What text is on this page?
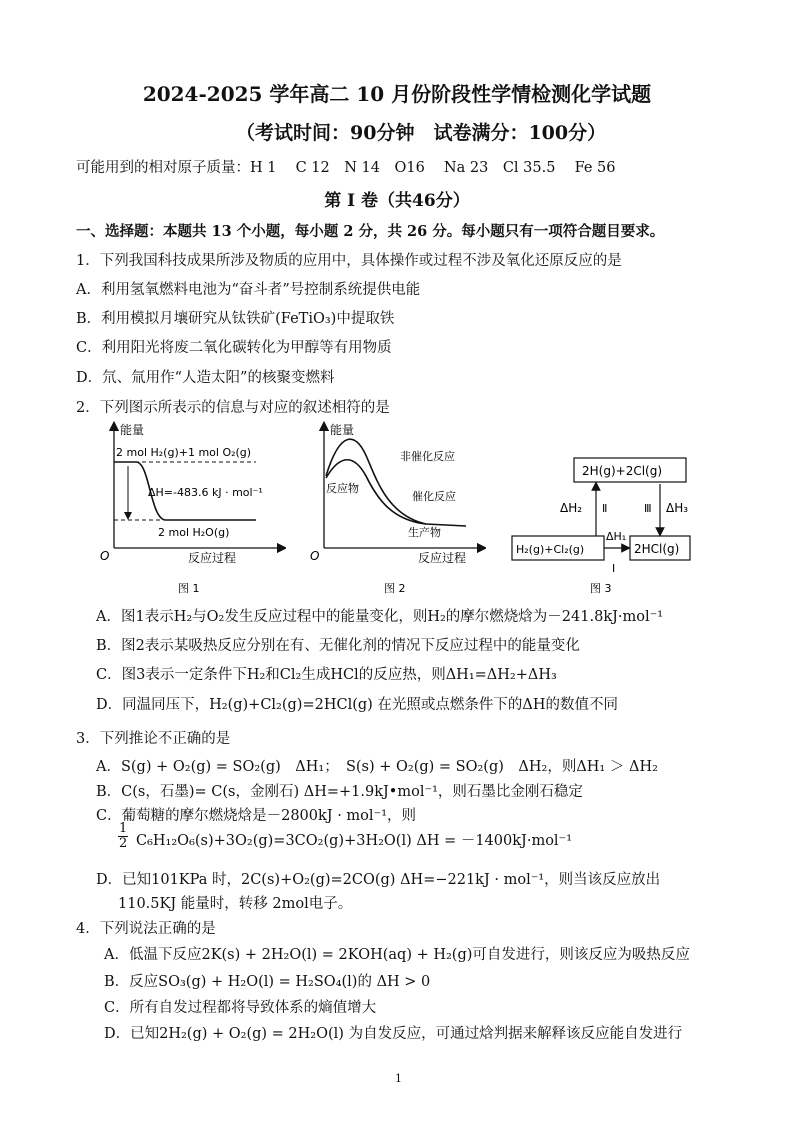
2024-2025 学年高二 10 月份阶段性学情检测化学试题
（考试时间：90分钟　试卷满分：100分）
可能用到的相对原子质量：H 1　 C 12　N 14　O16　 Na 23　Cl 35.5　 Fe 56
第 Ⅰ 卷（共46分）
一、选择题：本题共 13 个小题，每小题 2 分，共 26 分。每小题只有一项符合题目要求。
1．下列我国科技成果所涉及物质的应用中，具体操作或过程不涉及氧化还原反应的是
A．利用氢氧燃料电池为“奋斗者”号控制系统提供电能
B．利用模拟月壤研究从钛铁矿(FeTiO₃)中提取铁
C．利用阳光将废二氧化碳转化为甲醇等有用物质
D．氘、氚用作“人造太阳”的核聚变燃料
2．下列图示所表示的信息与对应的叙述相符的是
能量
O	反应过程
2 mol H₂(g)+1 mol O₂(g)
ΔH=-483.6 kJ · mol⁻¹
2 mol H₂O(g)
图 1
能量
O	反应过程
非催化反应
反应物
催化反应
生产物
图 2
2H(g)+2Cl(g)
H₂(g)+Cl₂(g)	2HCl(g)
ΔH₂ Ⅱ	Ⅲ ΔH₃
ΔH₁
Ⅰ
图 3
A．图1表示H₂与O₂发生反应过程中的能量变化，则H₂的摩尔燃烧焓为－241.8kJ·mol⁻¹
B．图2表示某吸热反应分别在有、无催化剂的情况下反应过程中的能量变化
C．图3表示一定条件下H₂和Cl₂生成HCl的反应热，则ΔH₁=ΔH₂+ΔH₃
D．同温同压下，H₂(g)+Cl₂(g)=2HCl(g) 在光照或点燃条件下的ΔH的数值不同
3．下列推论不正确的是
A．S(g) + O₂(g) = SO₂(g)　ΔH₁；　S(s) + O₂(g) = SO₂(g)　ΔH₂，则ΔH₁ ＞ ΔH₂
B．C(s，石墨)= C(s，金刚石) ΔH=+1.9kJ•mol⁻¹，则石墨比金刚石稳定
C．葡萄糖的摩尔燃烧焓是－2800kJ · mol⁻¹，则
$\frac{1}{2} C_6H_{12}O_6(s)+3O_2(g)=3CO_2(g)+3H_2O(l) \Delta H = -1400kJ\cdot mol^{-1}$
D．已知101KPa 时，2C(s)+O₂(g)=2CO(g) ΔH=−221kJ · mol⁻¹，则当该反应放出
110.5KJ 能量时，转移 2mol电子。
4．下列说法正确的是
A．低温下反应2K(s) + 2H₂O(l) = 2KOH(aq) + H₂(g)可自发进行，则该反应为吸热反应
B．反应SO₃(g) + H₂O(l) = H₂SO₄(l)的 ΔH > 0
C．所有自发过程都将导致体系的熵值增大
D．已知2H₂(g) + O₂(g) = 2H₂O(l) 为自发反应，可通过焓判据来解释该反应能自发进行
1
